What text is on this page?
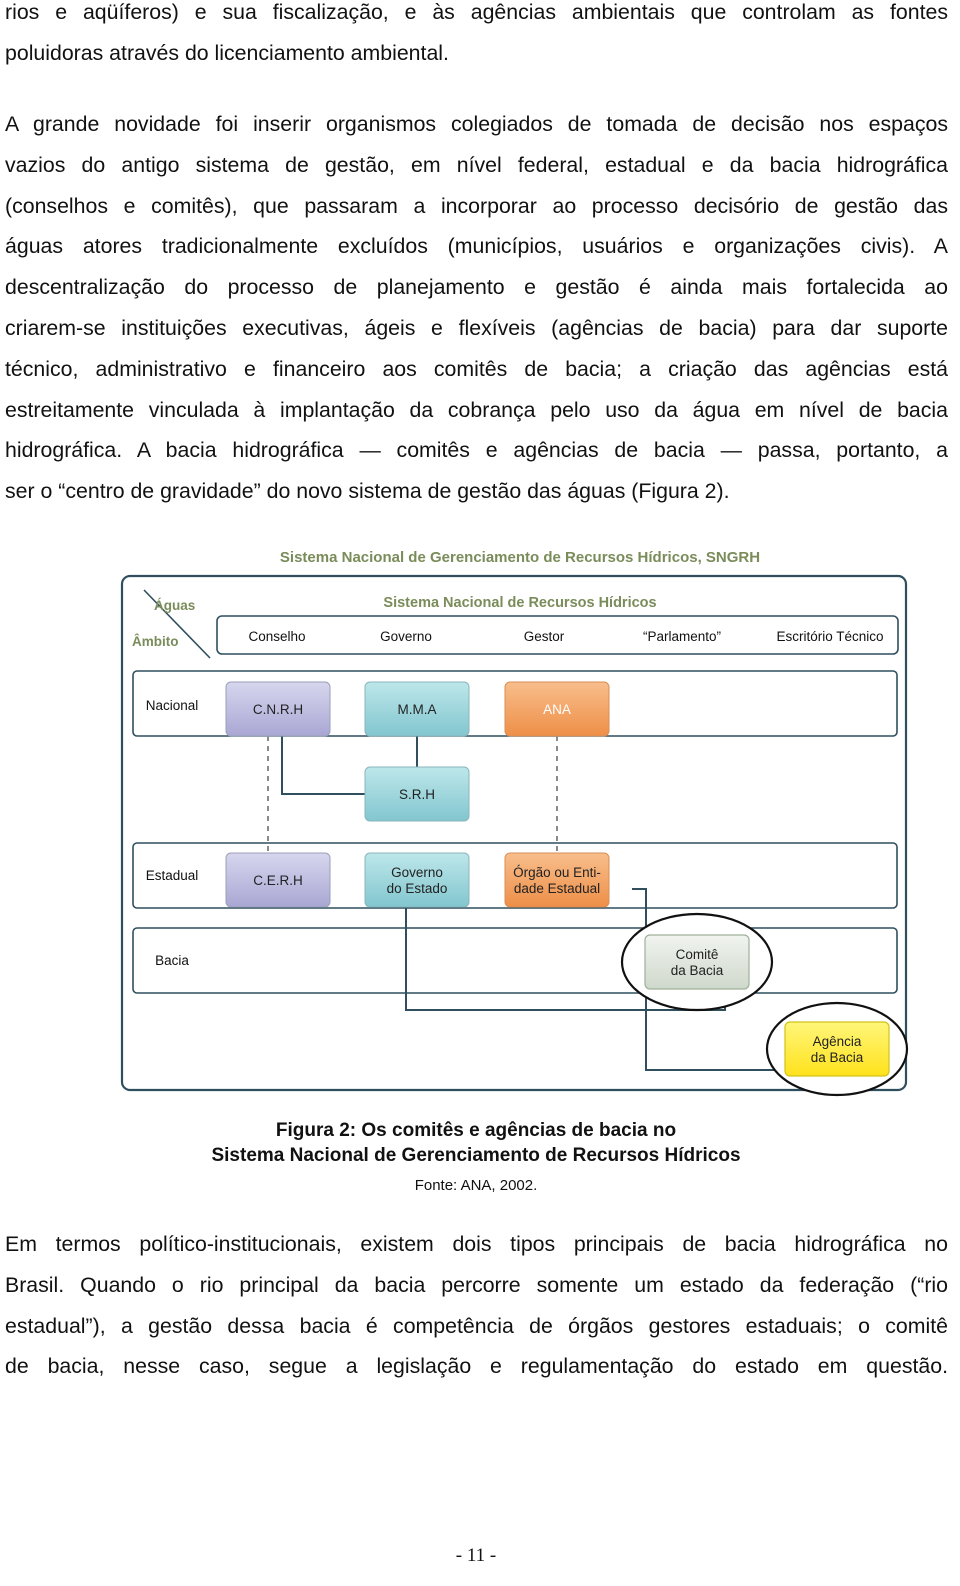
rios e aqüíferos) e sua fiscalização, e às agências ambientais que controlam as fontes
poluidoras através do licenciamento ambiental.
A grande novidade foi inserir organismos colegiados de tomada de decisão nos espaços
vazios do antigo sistema de gestão, em nível federal, estadual e da bacia hidrográfica
(conselhos e comitês), que passaram a incorporar ao processo decisório de gestão das
águas atores tradicionalmente excluídos (municípios, usuários e organizações civis). A
descentralização do processo de planejamento e gestão é ainda mais fortalecida ao
criarem-se instituições executivas, ágeis e flexíveis (agências de bacia) para dar suporte
técnico, administrativo e financeiro aos comitês de bacia; a criação das agências está
estreitamente vinculada à implantação da cobrança pelo uso da água em nível de bacia
hidrográfica. A bacia hidrográfica — comitês e agências de bacia — passa, portanto, a
ser o “centro de gravidade” do novo sistema de gestão das águas (Figura 2).
Sistema Nacional de Gerenciamento de Recursos Hídricos, SNGRH
Sistema Nacional de Recursos Hídricos
Conselho	Governo	Gestor	“Parlamento”	Escritório Técnico
Águas
Âmbito
Nacional
Estadual
Bacia
C.N.R.H	M.M.A	ANA
S.R.H
C.E.R.H
Governo
do Estado
Órgão ou Enti-
dade Estadual
Comitê
da Bacia
Agência
da Bacia
Figura 2: Os comitês e agências de bacia no
Sistema Nacional de Gerenciamento de Recursos Hídricos
Fonte: ANA, 2002.
Em termos político-institucionais, existem dois tipos principais de bacia hidrográfica no
Brasil. Quando o rio principal da bacia percorre somente um estado da federação (“rio
estadual”), a gestão dessa bacia é competência de órgãos gestores estaduais; o comitê
de bacia, nesse caso, segue a legislação e regulamentação do estado em questão.
- 11 -
